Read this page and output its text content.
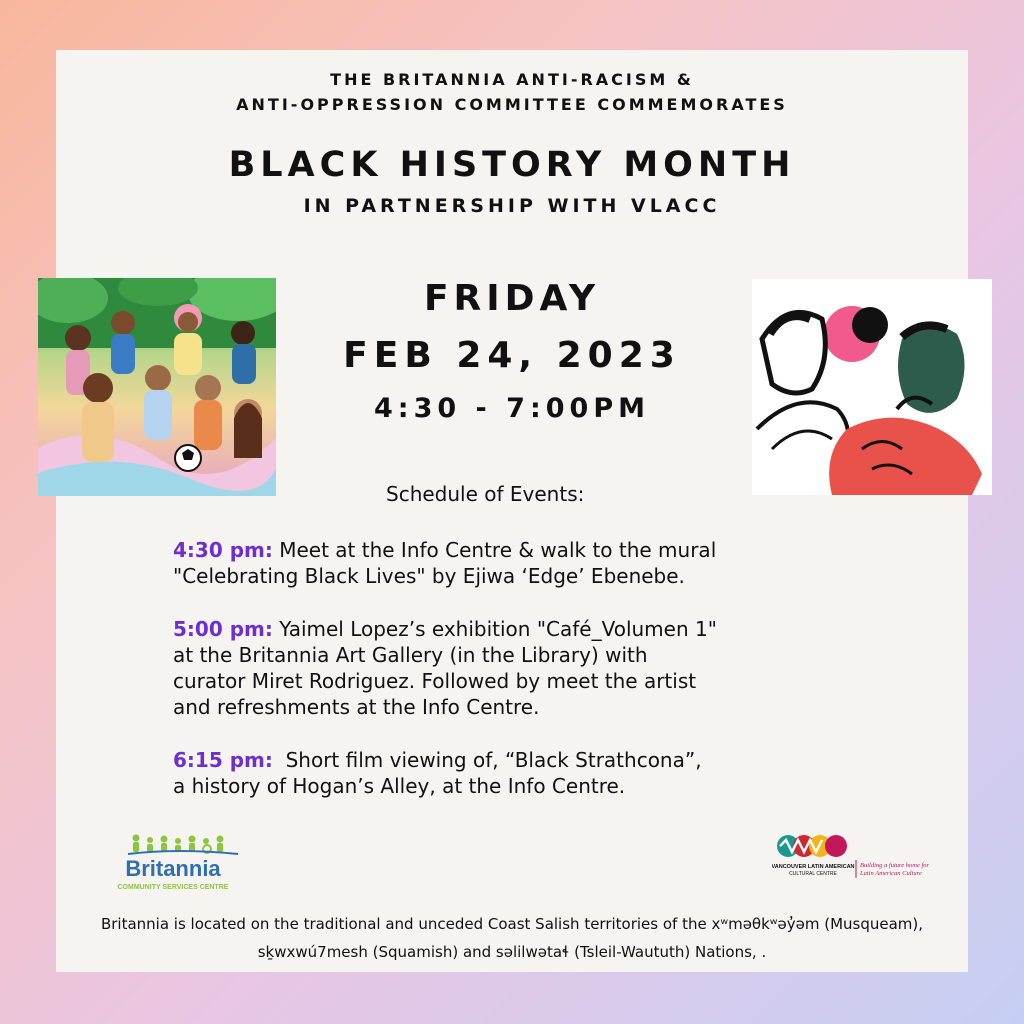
THE BRITANNIA ANTI-RACISM &
ANTI-OPPRESSION COMMITTEE COMMEMORATES
BLACK HISTORY MONTH
IN PARTNERSHIP WITH VLACC
FRIDAY
FEB 24, 2023
4:30 - 7:00PM
Schedule of Events:
4:30 pm: Meet at the Info Centre & walk to the mural
"Celebrating Black Lives" by Ejiwa ‘Edge’ Ebenebe.
5:00 pm: Yaimel Lopez’s exhibition "Café_Volumen 1"
at the Britannia Art Gallery (in the Library) with
curator Miret Rodriguez. Followed by meet the artist
and refreshments at the Info Centre.
6:15 pm: Short film viewing of, “Black Strathcona”,
a history of Hogan’s Alley, at the Info Centre.
Britannia is located on the traditional and unceded Coast Salish territories of the xʷməθkʷəy̓əm (Musqueam),
sḵwxwú7mesh (Squamish) and səlilwətaɬ (Tsleil-Waututh) Nations, .
Britannia
COMMUNITY SERVICES CENTRE
VANCOUVER LATIN AMERICAN
CULTURAL CENTRE
Building a future home for
Latin American Culture
